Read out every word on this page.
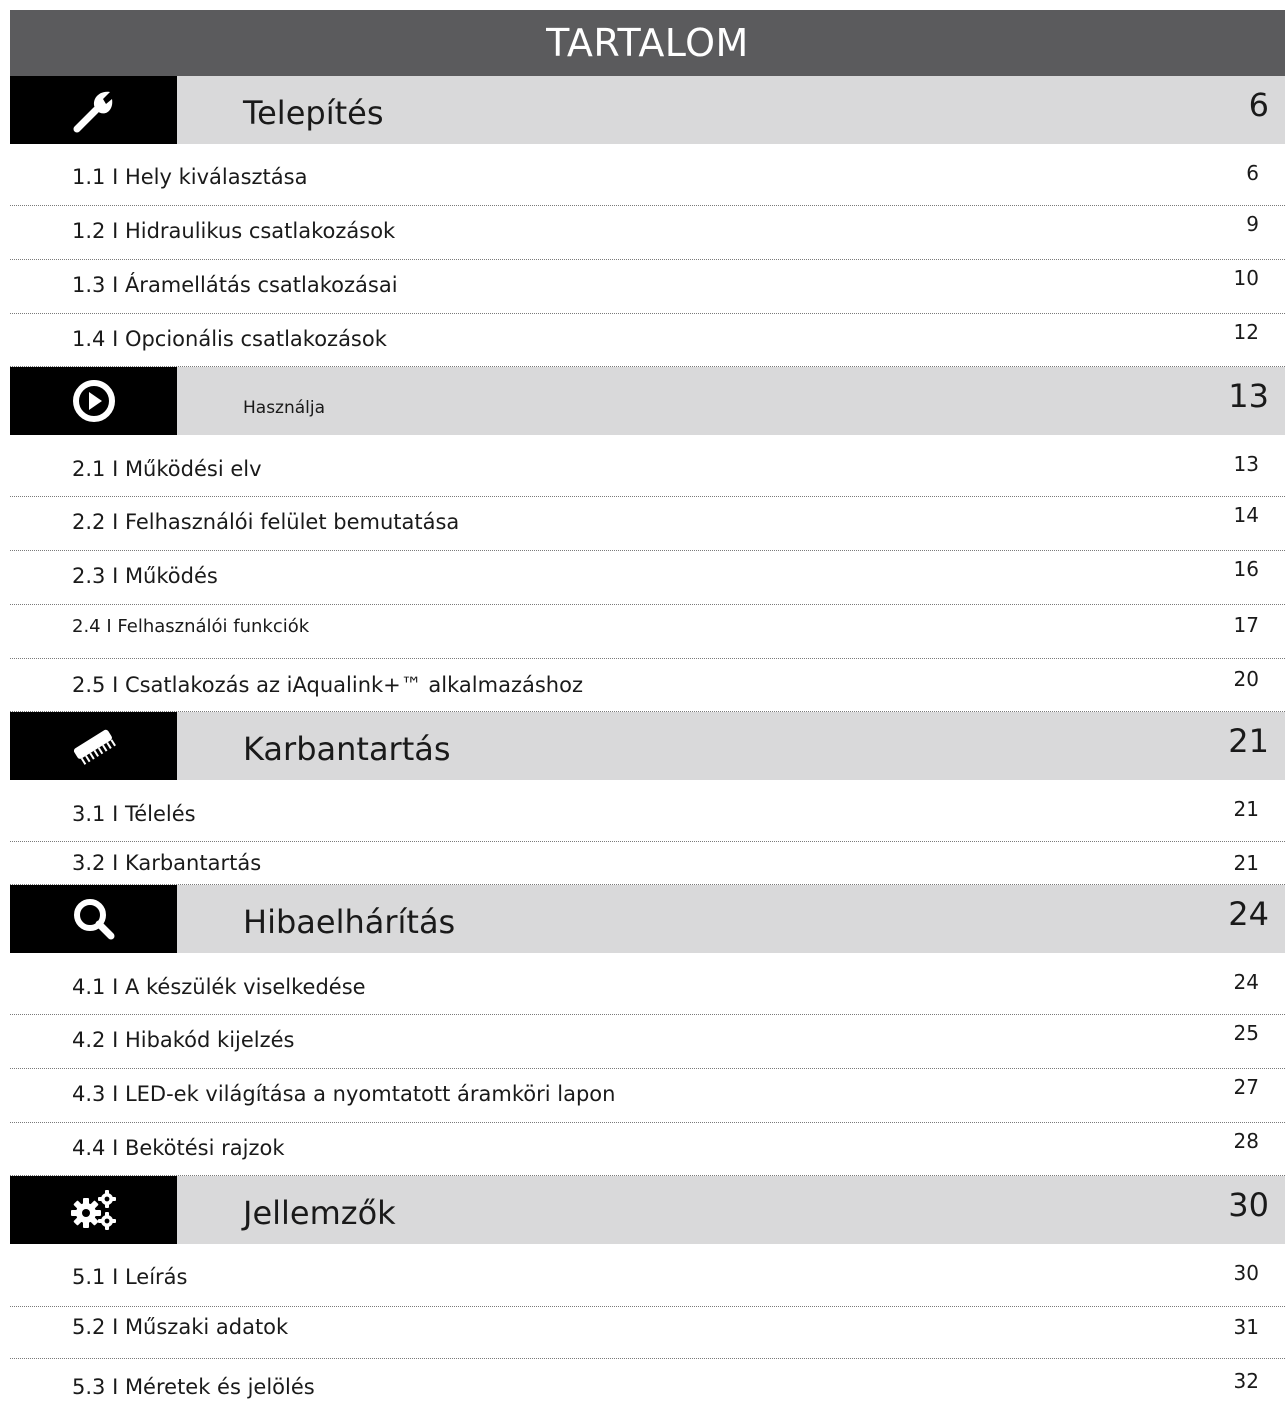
TARTALOM
Telepítés	6
1.1 I Hely kiválasztása	6
1.2 I Hidraulikus csatlakozások	9
1.3 I Áramellátás csatlakozásai	10
1.4 I Opcionális csatlakozások	12
Használja	13
2.1 I Működési elv	13
2.2 I Felhasználói felület bemutatása	14
2.3 I Működés	16
2.4 I Felhasználói funkciók	17
2.5 I Csatlakozás az iAqualink+™ alkalmazáshoz	20
Karbantartás	21
3.1 I Télelés	21
3.2 I Karbantartás	21
Hibaelhárítás	24
4.1 I A készülék viselkedése	24
4.2 I Hibakód kijelzés	25
4.3 I LED-ek világítása a nyomtatott áramköri lapon	27
4.4 I Bekötési rajzok	28
Jellemzők	30
5.1 I Leírás	30
5.2 I Műszaki adatok	31
5.3 I Méretek és jelölés	32
